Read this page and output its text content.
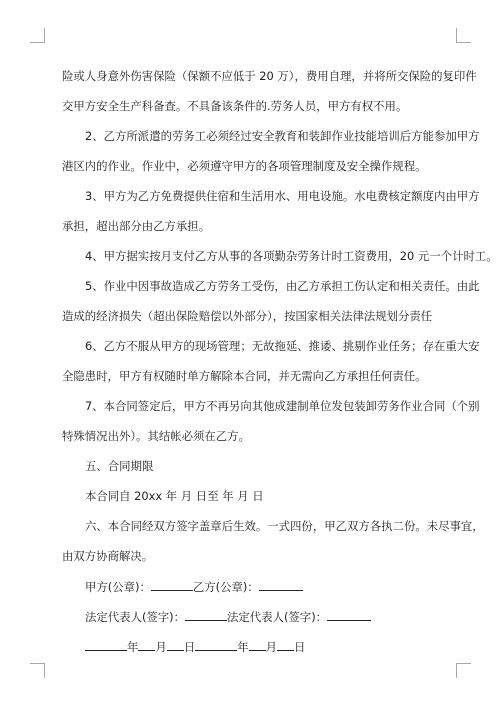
险或人身意外伤害保险（保额不应低于 20 万），费用自理，并将所交保险的复印件
交甲方安全生产科备查。不具备该条件的.劳务人员，甲方有权不用。
2、乙方所派遣的劳务工必须经过安全教育和装卸作业技能培训后方能参加甲方
港区内的作业。作业中，必须遵守甲方的各项管理制度及安全操作规程。
3、甲方为乙方免费提供住宿和生活用水、用电设施。水电费核定额度内由甲方
承担，超出部分由乙方承担。
4、甲方据实按月支付乙方从事的各项勤杂劳务计时工资费用，20 元一个计时工。
5、作业中因事故造成乙方劳务工受伤，由乙方承担工伤认定和相关责任。由此
造成的经济损失（超出保险赔偿以外部分），按国家相关法律法规划分责任
6、乙方不服从甲方的现场管理；无故拖延、推诿、挑剔作业任务；存在重大安
全隐患时，甲方有权随时单方解除本合同，并无需向乙方承担任何责任。
7、本合同签定后，甲方不再另向其他成建制单位发包装卸劳务作业合同（个别
特殊情况出外）。其结帐必须在乙方。
五、合同期限
本合同自 20xx 年 月 日至 年 月 日
六、本合同经双方签字盖章后生效。一式四份，甲乙双方各执二份。未尽事宜，
由双方协商解决。
甲方(公章)：	乙方(公章)：
法定代表人(签字)：	法定代表人(签字)：
年 月 日	年 月 日
